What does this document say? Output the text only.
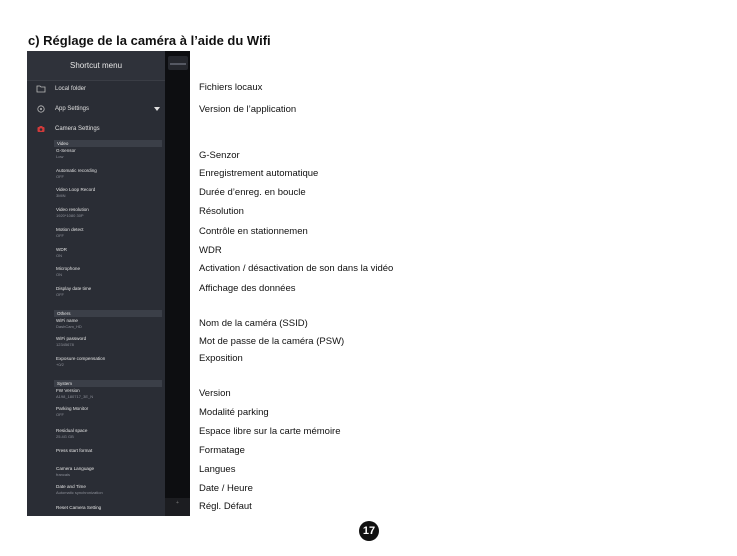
c) Réglage de la caméra à l’aide du Wifi
Shortcut menu
Local folder
App Settings
Camera Settings
Video
G-Sensor
Low
Automatic recording
OFF
Video Loop Record
3MIN
Video resolution
1920*1080 30P
Motion detect
OFF
WDR
ON
Microphone
ON
Display date time
OFF
Others
WiFi name
DashCam_HD
WiFi password
12345678
Exposure compensation
+0/2
System
FW Version
A198_180717_3E_N
Parking Monitor
OFF
Residual space
25.4G GB
Press start format
Camera Language
francais
Date and Time
Automatic synchronization
Reset Camera Setting
+
Fichiers locaux
Version de l’application
G-Senzor
Enregistrement automatique
Durée d’enreg. en boucle
Résolution
Contrôle en stationnemen
WDR
Activation / désactivation de son dans la vidéo
Affichage des données
Nom de la caméra (SSID)
Mot de passe de la caméra (PSW)
Exposition
Version
Modalité parking
Espace libre sur la carte mémoire
Formatage
Langues
Date / Heure
Régl. Défaut
17
